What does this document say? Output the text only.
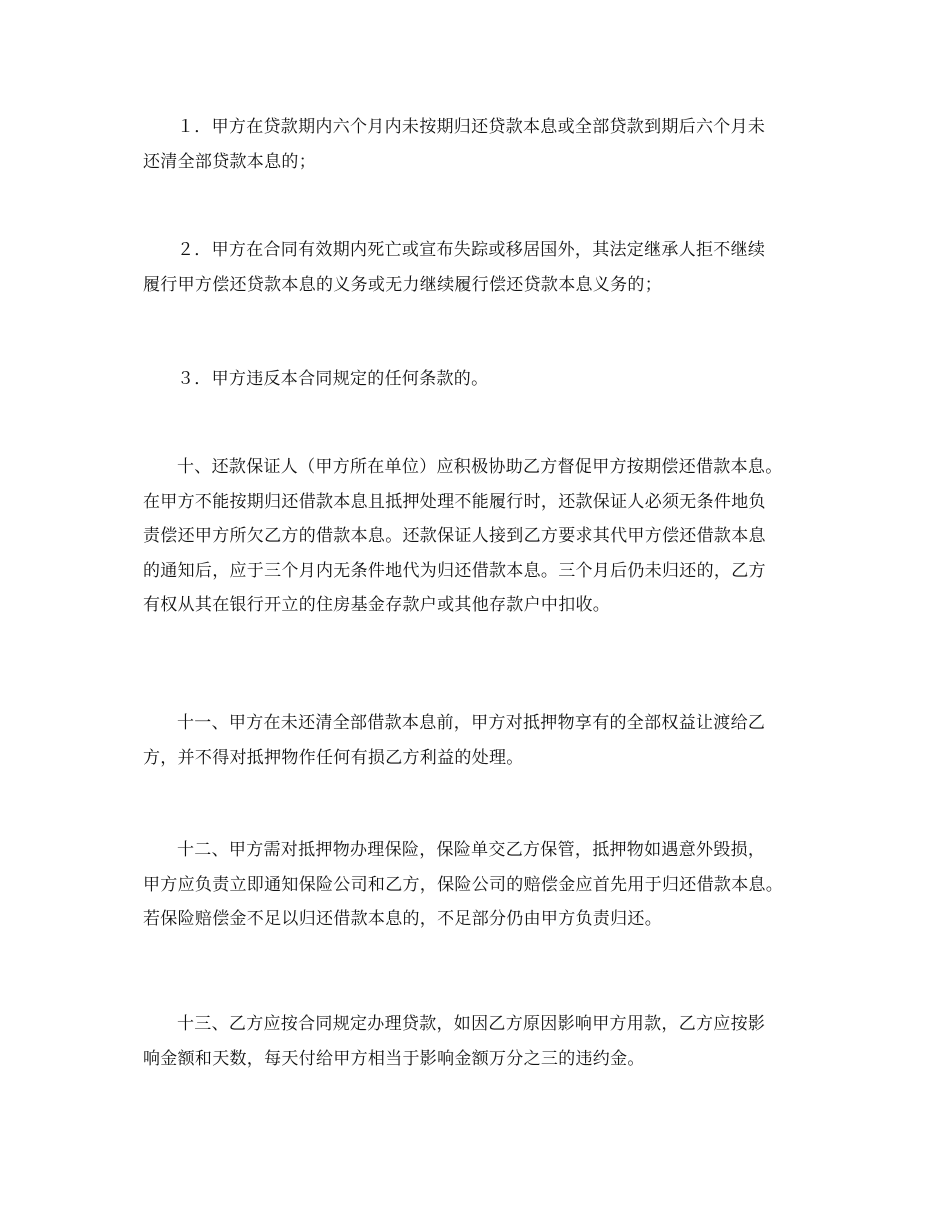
１．甲方在贷款期内六个月内未按期归还贷款本息或全部贷款到期后六个月未
还清全部贷款本息的；
２．甲方在合同有效期内死亡或宣布失踪或移居国外，其法定继承人拒不继续
履行甲方偿还贷款本息的义务或无力继续履行偿还贷款本息义务的；
３．甲方违反本合同规定的任何条款的。
十、还款保证人（甲方所在单位）应积极协助乙方督促甲方按期偿还借款本息。
在甲方不能按期归还借款本息且抵押处理不能履行时，还款保证人必须无条件地负
责偿还甲方所欠乙方的借款本息。还款保证人接到乙方要求其代甲方偿还借款本息
的通知后，应于三个月内无条件地代为归还借款本息。三个月后仍未归还的，乙方
有权从其在银行开立的住房基金存款户或其他存款户中扣收。
十一、甲方在未还清全部借款本息前，甲方对抵押物享有的全部权益让渡给乙
方，并不得对抵押物作任何有损乙方利益的处理。
十二、甲方需对抵押物办理保险，保险单交乙方保管，抵押物如遇意外毁损，
甲方应负责立即通知保险公司和乙方，保险公司的赔偿金应首先用于归还借款本息。
若保险赔偿金不足以归还借款本息的，不足部分仍由甲方负责归还。
十三、乙方应按合同规定办理贷款，如因乙方原因影响甲方用款，乙方应按影
响金额和天数，每天付给甲方相当于影响金额万分之三的违约金。
